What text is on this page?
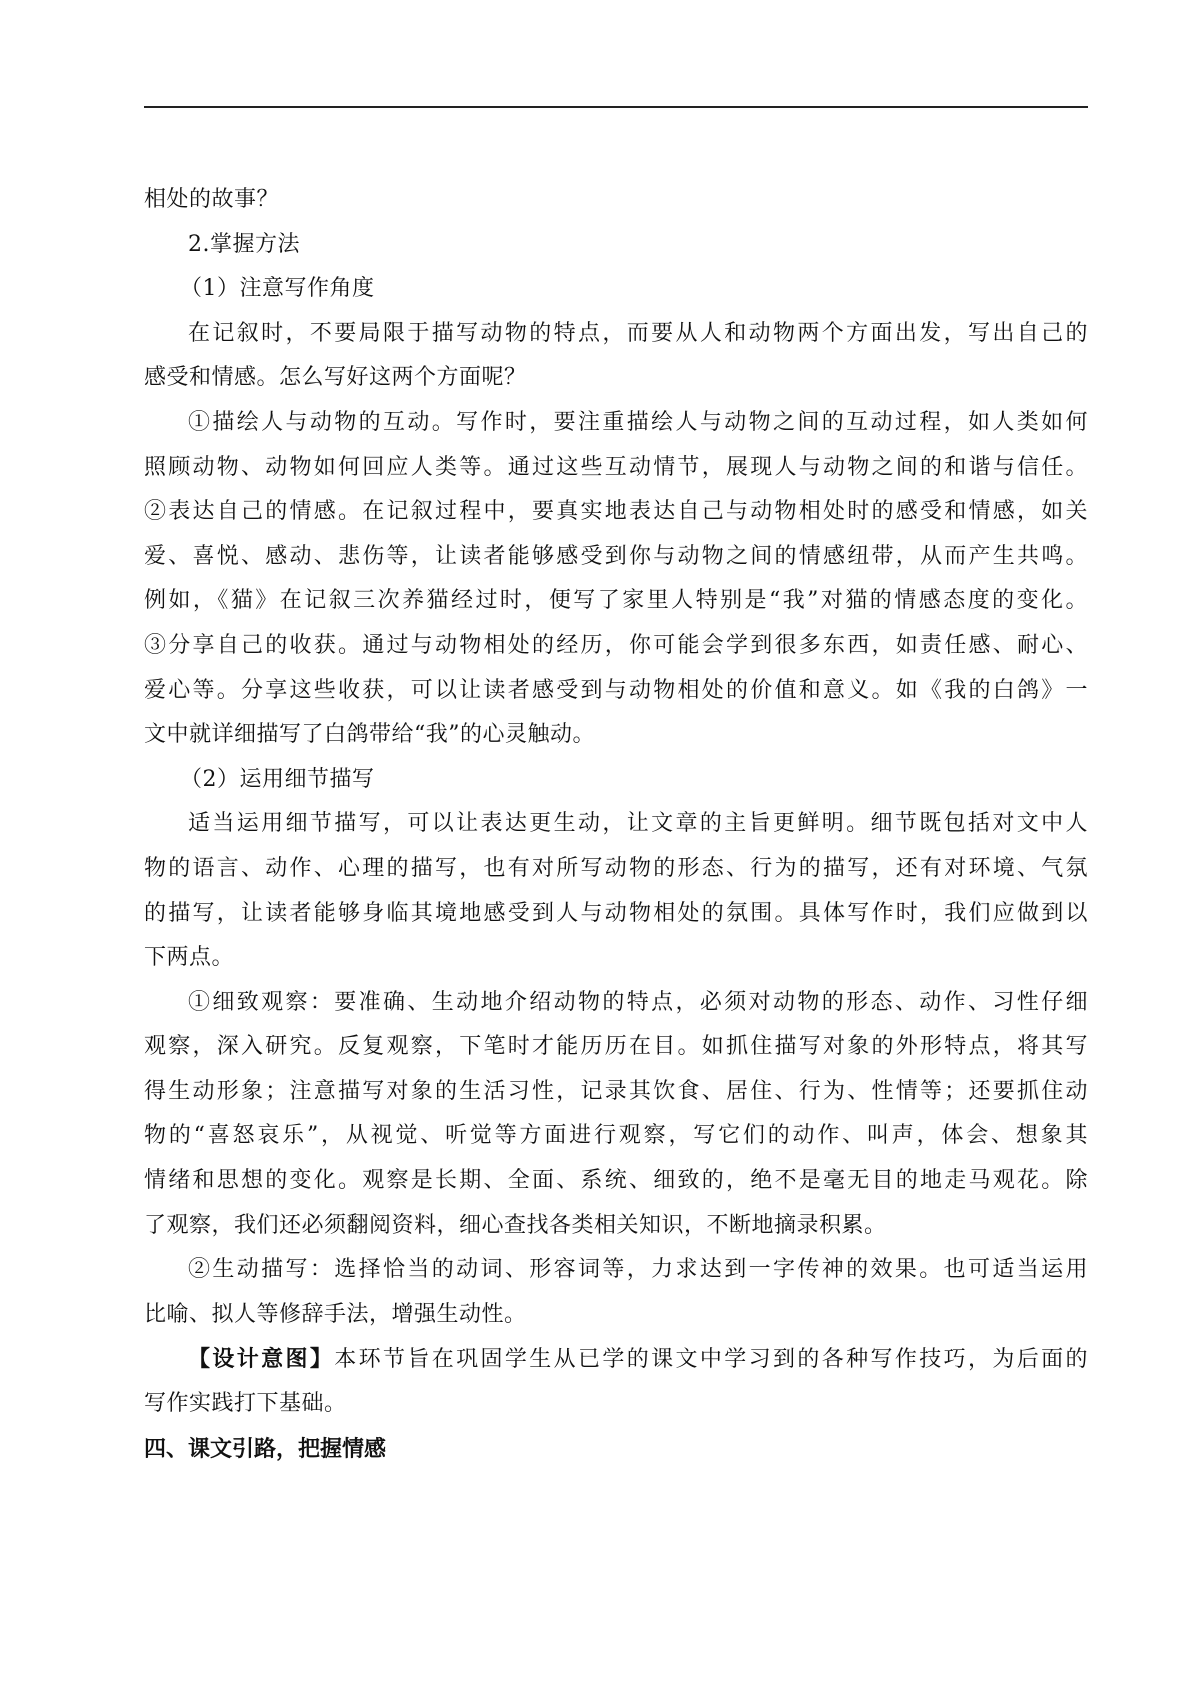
相处的故事？
2.掌握方法
（1）注意写作角度
在记叙时，不要局限于描写动物的特点，而要从人和动物两个方面出发，写出自己的
感受和情感。怎么写好这两个方面呢？
①描绘人与动物的互动。写作时，要注重描绘人与动物之间的互动过程，如人类如何
照顾动物、动物如何回应人类等。通过这些互动情节，展现人与动物之间的和谐与信任。
②表达自己的情感。在记叙过程中，要真实地表达自己与动物相处时的感受和情感，如关
爱、喜悦、感动、悲伤等，让读者能够感受到你与动物之间的情感纽带，从而产生共鸣。
例如，《猫》在记叙三次养猫经过时，便写了家里人特别是“我”对猫的情感态度的变化。
③分享自己的收获。通过与动物相处的经历，你可能会学到很多东西，如责任感、耐心、
爱心等。分享这些收获，可以让读者感受到与动物相处的价值和意义。如《我的白鸽》一
文中就详细描写了白鸽带给“我”的心灵触动。
（2）运用细节描写
适当运用细节描写，可以让表达更生动，让文章的主旨更鲜明。细节既包括对文中人
物的语言、动作、心理的描写，也有对所写动物的形态、行为的描写，还有对环境、气氛
的描写，让读者能够身临其境地感受到人与动物相处的氛围。具体写作时，我们应做到以
下两点。
①细致观察：要准确、生动地介绍动物的特点，必须对动物的形态、动作、习性仔细
观察，深入研究。反复观察，下笔时才能历历在目。如抓住描写对象的外形特点，将其写
得生动形象；注意描写对象的生活习性，记录其饮食、居住、行为、性情等；还要抓住动
物的“喜怒哀乐”，从视觉、听觉等方面进行观察，写它们的动作、叫声，体会、想象其
情绪和思想的变化。观察是长期、全面、系统、细致的，绝不是毫无目的地走马观花。除
了观察，我们还必须翻阅资料，细心查找各类相关知识，不断地摘录积累。
②生动描写：选择恰当的动词、形容词等，力求达到一字传神的效果。也可适当运用
比喻、拟人等修辞手法，增强生动性。
【设计意图】本环节旨在巩固学生从已学的课文中学习到的各种写作技巧，为后面的
写作实践打下基础。
四、课文引路，把握情感
